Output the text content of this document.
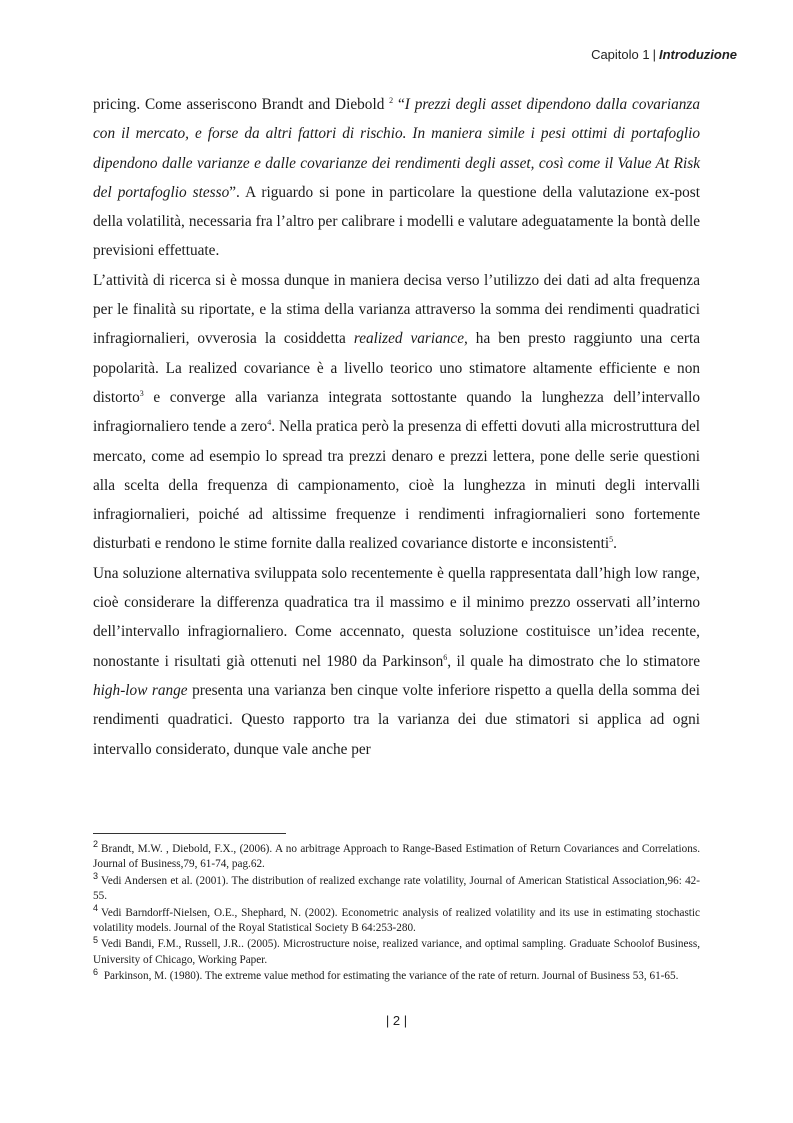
Capitolo 1 | Introduzione

pricing. Come asseriscono Brandt and Diebold $^2$ “I prezzi degli asset dipendono dalla covarianza con il mercato, e forse da altri fattori di rischio. In maniera simile i pesi ottimi di portafoglio dipendono dalle varianze e dalle covarianze dei rendimenti degli asset, così come il Value At Risk del portafoglio stesso”. A riguardo si pone in particolare la questione della valutazione ex-post della volatilità, necessaria fra l’altro per calibrare i modelli e valutare adeguatamente la bontà delle previsioni effettuate.

L’attività di ricerca si è mossa dunque in maniera decisa verso l’utilizzo dei dati ad alta frequenza per le finalità su riportate, e la stima della varianza attraverso la somma dei rendimenti quadratici infragiornalieri, ovverosia la cosiddetta realized variance, ha ben presto raggiunto una certa popolarità. La realized covariance è a livello teorico uno stimatore altamente efficiente e non distorto$^3$ e converge alla varianza integrata sottostante quando la lunghezza dell’intervallo infragiornaliero tende a zero$^4$. Nella pratica però la presenza di effetti dovuti alla microstruttura del mercato, come ad esempio lo spread tra prezzi denaro e prezzi lettera, pone delle serie questioni alla scelta della frequenza di campionamento, cioè la lunghezza in minuti degli intervalli infragiornalieri, poiché ad altissime frequenze i rendimenti infragiornalieri sono fortemente disturbati e rendono le stime fornite dalla realized covariance distorte e inconsistenti$^5$.

Una soluzione alternativa sviluppata solo recentemente è quella rappresentata dall’high low range, cioè considerare la differenza quadratica tra il massimo e il minimo prezzo osservati all’interno dell’intervallo infragiornaliero. Come accennato, questa soluzione costituisce un’idea recente, nonostante i risultati già ottenuti nel 1980 da Parkinson$^6$, il quale ha dimostrato che lo stimatore high-low range presenta una varianza ben cinque volte inferiore rispetto a quella della somma dei rendimenti quadratici. Questo rapporto tra la varianza dei due stimatori si applica ad ogni intervallo considerato, dunque vale anche per

$^2$ Brandt, M.W. , Diebold, F.X., (2006). A no arbitrage Approach to Range-Based Estimation of Return Covariances and Correlations. Journal of Business,79, 61-74, pag.62.

$^3$ Vedi Andersen et al. (2001). The distribution of realized exchange rate volatility, Journal of American Statistical Association,96: 42-55.

$^4$ Vedi Barndorff-Nielsen, O.E., Shephard, N. (2002). Econometric analysis of realized volatility and its use in estimating stochastic volatility models. Journal of the Royal Statistical Society B 64:253-280.

$^5$ Vedi Bandi, F.M., Russell, J.R.. (2005). Microstructure noise, realized variance, and optimal sampling. Graduate Schoolof Business, University of Chicago, Working Paper.

$^6$ Parkinson, M. (1980). The extreme value method for estimating the variance of the rate of return. Journal of Business 53, 61-65.

| 2 |
